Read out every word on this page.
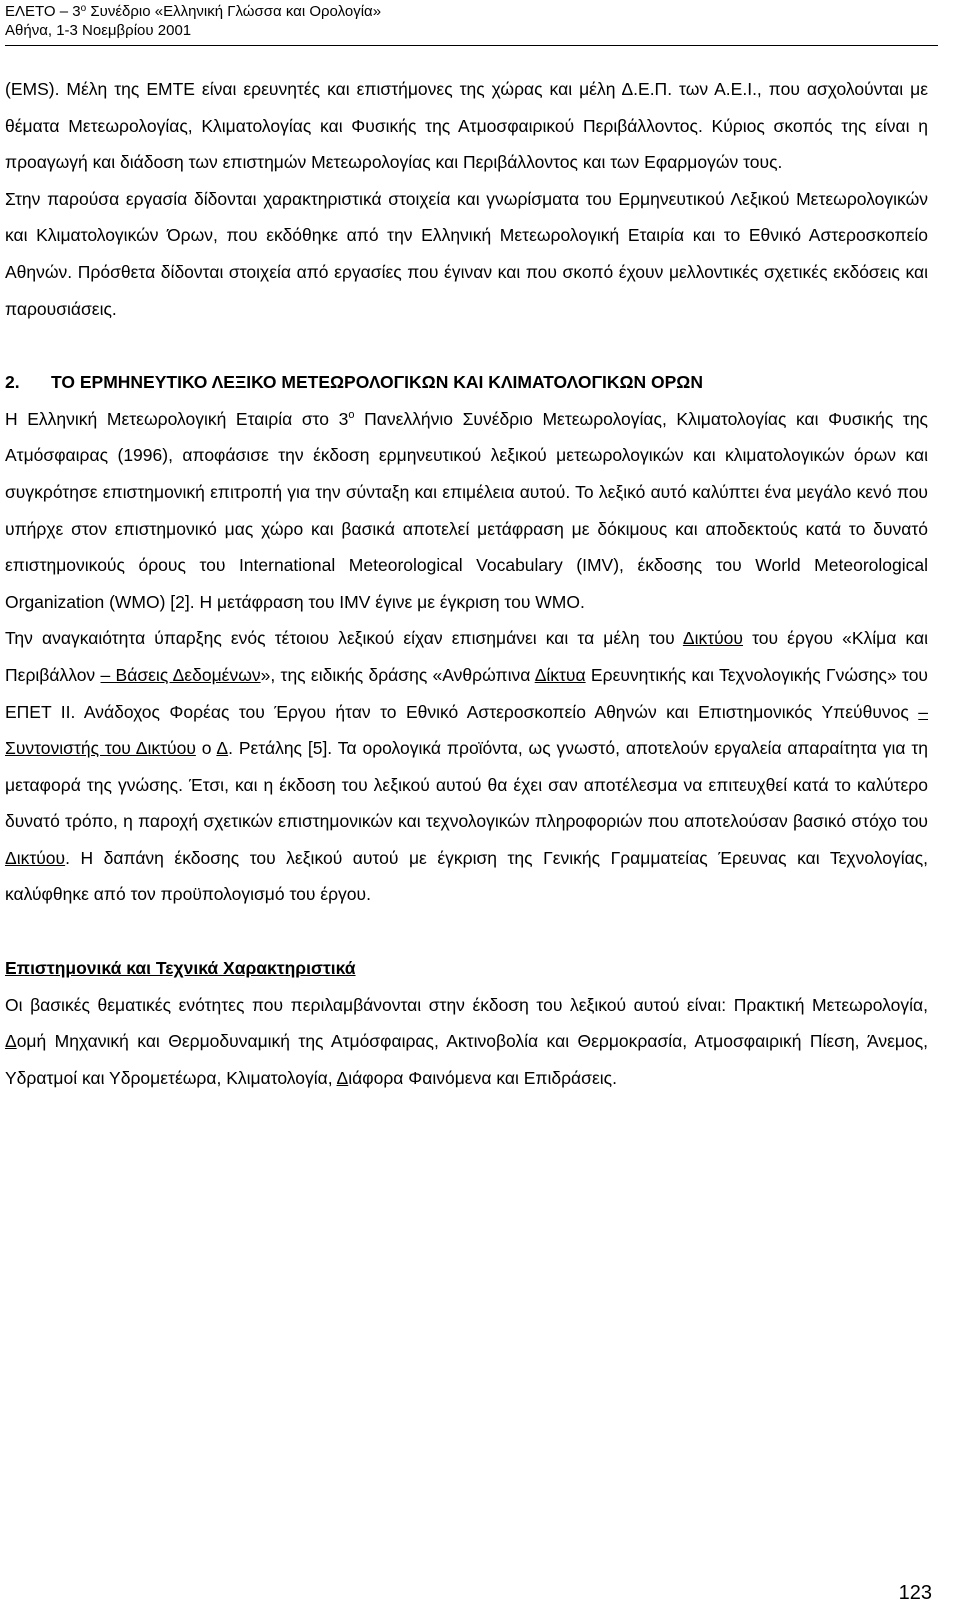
ΕΛΕΤΟ – $3^o$ Συνέδριο «Ελληνική Γλώσσα και Ορολογία»
Αθήνα, 1-3 Νοεμβρίου 2001

(EMS). Μέλη της ΕΜΤΕ είναι ερευνητές και επιστήμονες της χώρας και μέλη Δ.Ε.Π. των Α.Ε.Ι., που ασχολούνται με θέματα Μετεωρολογίας, Κλιματολογίας και Φυσικής της Ατμοσφαιρικού Περιβάλλοντος. Κύριος σκοπός της είναι η προαγωγή και διάδοση των επιστημών Μετεωρολογίας και Περιβάλλοντος και των Εφαρμογών τους.

Στην παρούσα εργασία δίδονται χαρακτηριστικά στοιχεία και γνωρίσματα του Ερμηνευτικού Λεξικού Μετεωρολογικών και Κλιματολογικών Όρων, που εκδόθηκε από την Ελληνική Μετεωρολογική Εταιρία και το Εθνικό Αστεροσκοπείο Αθηνών. Πρόσθετα δίδονται στοιχεία από εργασίες που έγιναν και που σκοπό έχουν μελλοντικές σχετικές εκδόσεις και παρουσιάσεις.

2. ΤΟ ΕΡΜΗΝΕΥΤΙΚΟ ΛΕΞΙΚΟ ΜΕΤΕΩΡΟΛΟΓΙΚΩΝ ΚΑΙ ΚΛΙΜΑΤΟΛΟΓΙΚΩΝ ΟΡΩΝ

Η Ελληνική Μετεωρολογική Εταιρία στο $3^o$ Πανελλήνιο Συνέδριο Μετεωρολογίας, Κλιματολογίας και Φυσικής της Ατμόσφαιρας (1996), αποφάσισε την έκδοση ερμηνευτικού λεξικού μετεωρολογικών και κλιματολογικών όρων και συγκρότησε επιστημονική επιτροπή για την σύνταξη και επιμέλεια αυτού. Το λεξικό αυτό καλύπτει ένα μεγάλο κενό που υπήρχε στον επιστημονικό μας χώρο και βασικά αποτελεί μετάφραση με δόκιμους και αποδεκτούς κατά το δυνατό επιστημονικούς όρους του International Meteorological Vocabulary (IMV), έκδοσης του World Meteorological Organization (WMO) [2]. Η μετάφραση του IMV έγινε με έγκριση του WMO.

Την αναγκαιότητα ύπαρξης ενός τέτοιου λεξικού είχαν επισημάνει και τα μέλη του Δικτύου του έργου «Κλίμα και Περιβάλλον – Βάσεις Δεδομένων», της ειδικής δράσης «Ανθρώπινα Δίκτυα Ερευνητικής και Τεχνολογικής Γνώσης» του ΕΠΕΤ ΙΙ. Ανάδοχος Φορέας του Έργου ήταν το Εθνικό Αστεροσκοπείο Αθηνών και Επιστημονικός Υπεύθυνος – Συντονιστής του Δικτύου ο Δ. Ρετάλης [5]. Τα ορολογικά προϊόντα, ως γνωστό, αποτελούν εργαλεία απαραίτητα για τη μεταφορά της γνώσης. Έτσι, και η έκδοση του λεξικού αυτού θα έχει σαν αποτέλεσμα να επιτευχθεί κατά το καλύτερο δυνατό τρόπο, η παροχή σχετικών επιστημονικών και τεχνολογικών πληροφοριών που αποτελούσαν βασικό στόχο του Δικτύου. Η δαπάνη έκδοσης του λεξικού αυτού με έγκριση της Γενικής Γραμματείας Έρευνας και Τεχνολογίας, καλύφθηκε από τον προϋπολογισμό του έργου.

Επιστημονικά και Τεχνικά Χαρακτηριστικά

Οι βασικές θεματικές ενότητες που περιλαμβάνονται στην έκδοση του λεξικού αυτού είναι: Πρακτική Μετεωρολογία, Δομή Μηχανική και Θερμοδυναμική της Ατμόσφαιρας, Ακτινοβολία και Θερμοκρασία, Ατμοσφαιρική Πίεση, Άνεμος, Υδρατμοί και Υδρομετέωρα, Κλιματολογία, Διάφορα Φαινόμενα και Επιδράσεις.

123
